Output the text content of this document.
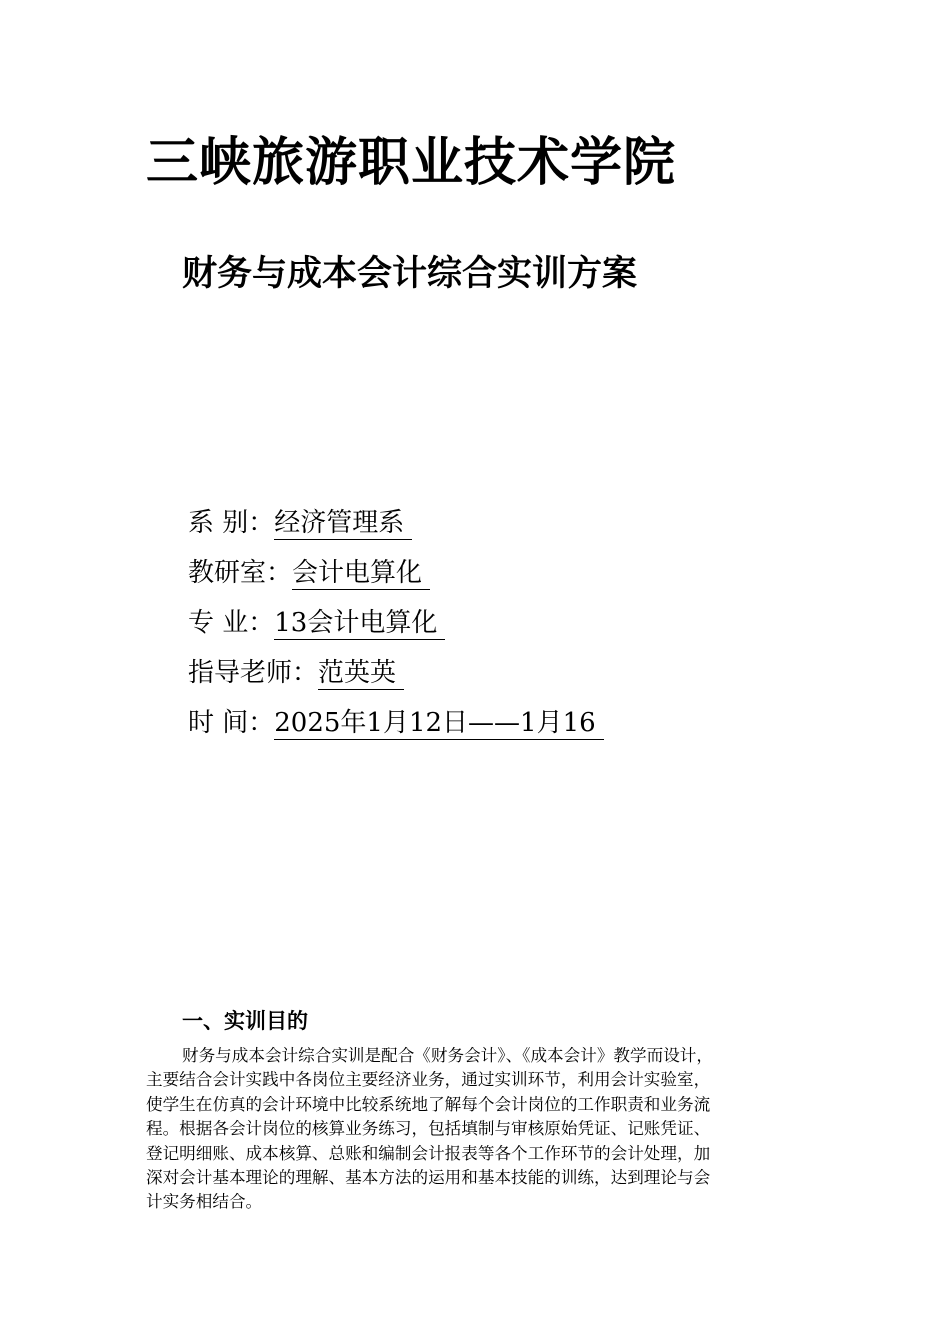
三峡旅游职业技术学院
财务与成本会计综合实训方案
系 别：经济管理系
教研室：会计电算化
专 业：13会计电算化
指导老师：范英英
时 间：2025年1月12日——1月16
一、实训目的
财务与成本会计综合实训是配合《财务会计》、《成本会计》教学而设计，
主要结合会计实践中各岗位主要经济业务，通过实训环节，利用会计实验室，
使学生在仿真的会计环境中比较系统地了解每个会计岗位的工作职责和业务流
程。根据各会计岗位的核算业务练习，包括填制与审核原始凭证、记账凭证、
登记明细账、成本核算、总账和编制会计报表等各个工作环节的会计处理，加
深对会计基本理论的理解、基本方法的运用和基本技能的训练，达到理论与会
计实务相结合。
